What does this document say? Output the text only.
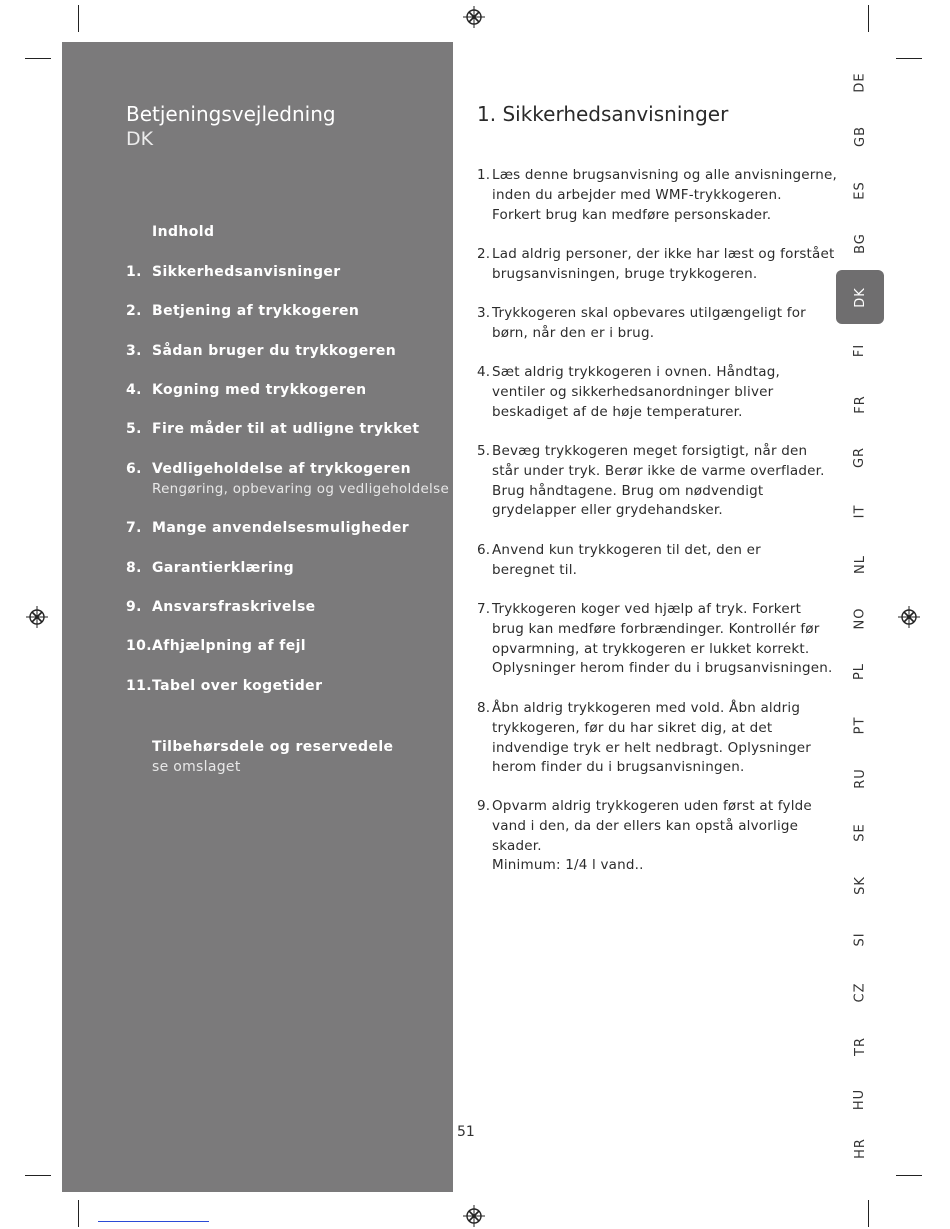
Betjeningsvejledning
DK
Indhold
1. Sikkerhedsanvisninger
2. Betjening af trykkogeren
3. Sådan bruger du trykkogeren
4. Kogning med trykkogeren
5. Fire måder til at udligne trykket
6. Vedligeholdelse af trykkogeren
Rengøring, opbevaring og vedligeholdelse
7. Mange anvendelsesmuligheder
8. Garantierklæring
9. Ansvarsfraskrivelse
10. Afhjælpning af fejl
11. Tabel over kogetider
Tilbehørsdele og reservedele
se omslaget
1. Sikkerhedsanvisninger
1. Læs denne brugsanvisning og alle anvisningerne,
inden du arbejder med WMF-trykkogeren.
Forkert brug kan medføre personskader.
2. Lad aldrig personer, der ikke har læst og forstået
brugsanvisningen, bruge trykkogeren.
3. Trykkogeren skal opbevares utilgængeligt for
børn, når den er i brug.
4. Sæt aldrig trykkogeren i ovnen. Håndtag,
ventiler og sikkerhedsanordninger bliver
beskadiget af de høje temperaturer.
5. Bevæg trykkogeren meget forsigtigt, når den
står under tryk. Berør ikke de varme overflader.
Brug håndtagene. Brug om nødvendigt
grydelapper eller grydehandsker.
6. Anvend kun trykkogeren til det, den er
beregnet til.
7. Trykkogeren koger ved hjælp af tryk. Forkert
brug kan medføre forbrændinger. Kontrollér før
opvarmning, at trykkogeren er lukket korrekt.
Oplysninger herom finder du i brugsanvisningen.
8. Åbn aldrig trykkogeren med vold. Åbn aldrig
trykkogeren, før du har sikret dig, at det
indvendige tryk er helt nedbragt. Oplysninger
herom finder du i brugsanvisningen.
9. Opvarm aldrig trykkogeren uden først at fylde
vand i den, da der ellers kan opstå alvorlige
skader.
Minimum: 1/4 l vand..
51
DE
GB
ES
BG
DK
FI
FR
GR
IT
NL
NO
PL
PT
RU
SE
SK
SI
CZ
TR
HU
HR
